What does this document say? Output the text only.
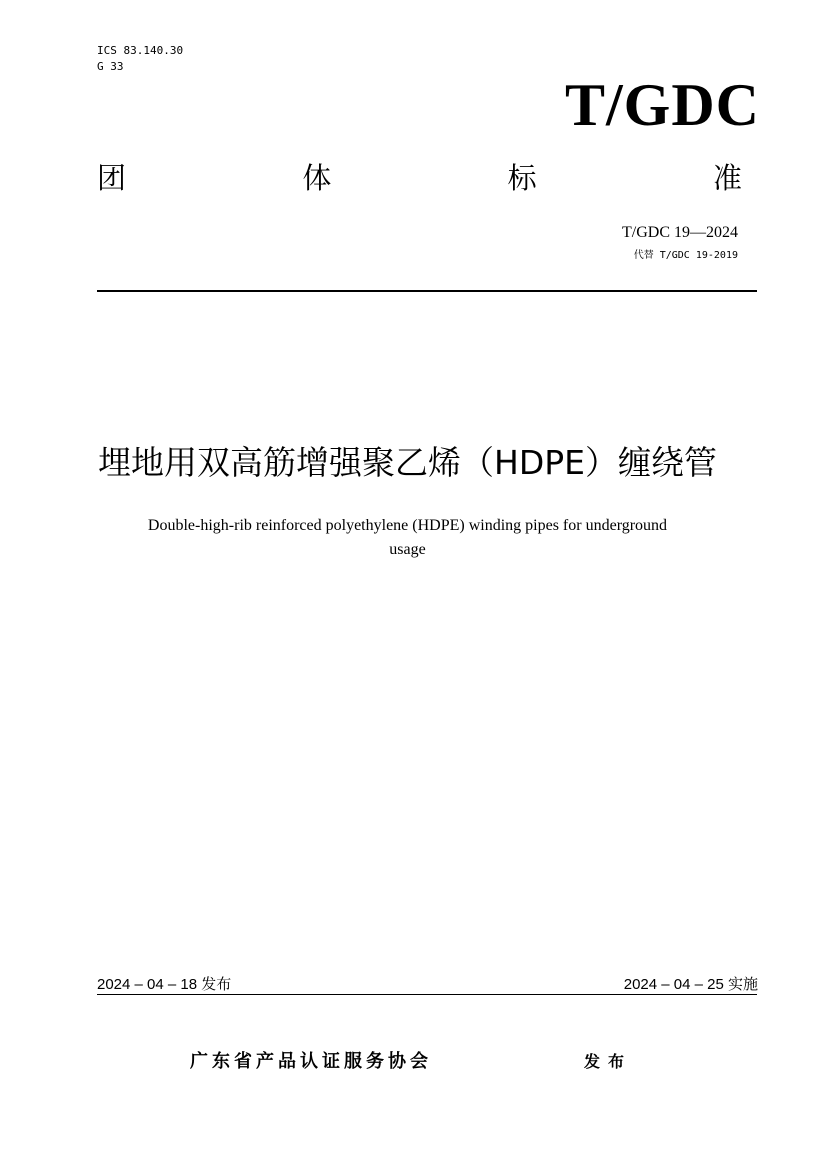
ICS 83.140.30
G 33
T/GDC
团	体	标	准
T/GDC 19—2024
代替 T/GDC 19-2019
埋地用双高筋增强聚乙烯（HDPE）缠绕管
Double-high-rib reinforced polyethylene (HDPE) winding pipes for underground
usage
2024 – 04 – 18 发布	2024 – 04 – 25 实施
广东省产品认证服务协会	发布
